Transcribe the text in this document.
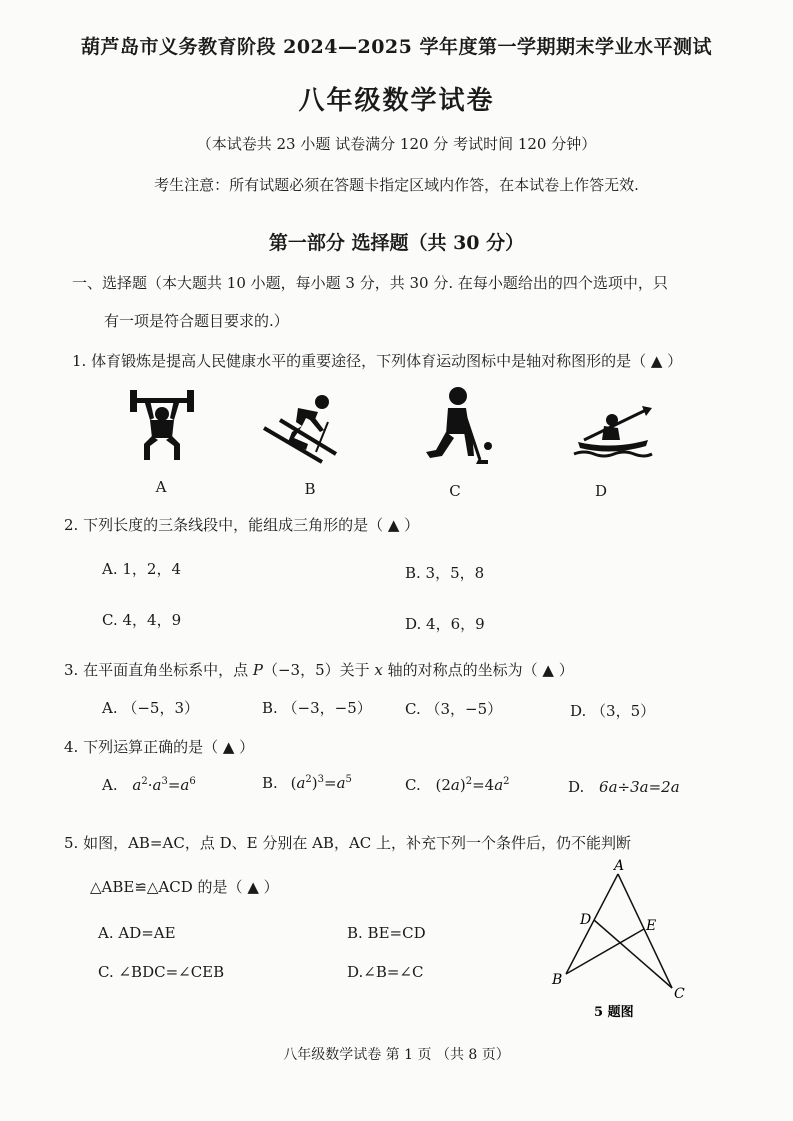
葫芦岛市义务教育阶段 2024—2025 学年度第一学期期末学业水平测试
八年级数学试卷
（本试卷共 23 小题 试卷满分 120 分 考试时间 120 分钟）
考生注意：所有试题必须在答题卡指定区域内作答，在本试卷上作答无效.
第一部分 选择题（共 30 分）
一、选择题（本大题共 10 小题，每小题 3 分，共 30 分. 在每小题给出的四个选项中，只
有一项是符合题目要求的.）
1. 体育锻炼是提高人民健康水平的重要途径，下列体育运动图标中是轴对称图形的是（ ▲ ）
A	B	C	D
2. 下列长度的三条线段中，能组成三角形的是（ ▲ ）
A. 1，2，4	B. 3，5，8
C. 4，4，9	D. 4，6，9
3. 在平面直角坐标系中，点 P（−3，5）关于 x 轴的对称点的坐标为（ ▲ ）
A. （−5，3）	B. （−3，−5） C. （3，−5）	D. （3，5）
4. 下列运算正确的是（ ▲ ）
A. $a^2\cdot a^3=a^6$	B. $(a^2)^3=a^5$	C. $(2a)^2=4a^2$	D. 6a÷3a=2a
5. 如图，AB=AC，点 D、E 分别在 AB，AC 上，补充下列一个条件后，仍不能判断
△ABE≌△ACD 的是（ ▲ ）
A. AD=AE	B. BE=CD
C. ∠BDC=∠CEB	D.∠B=∠C
A
D	E
B
C
5 题图
八年级数学试卷 第 1 页 （共 8 页）
